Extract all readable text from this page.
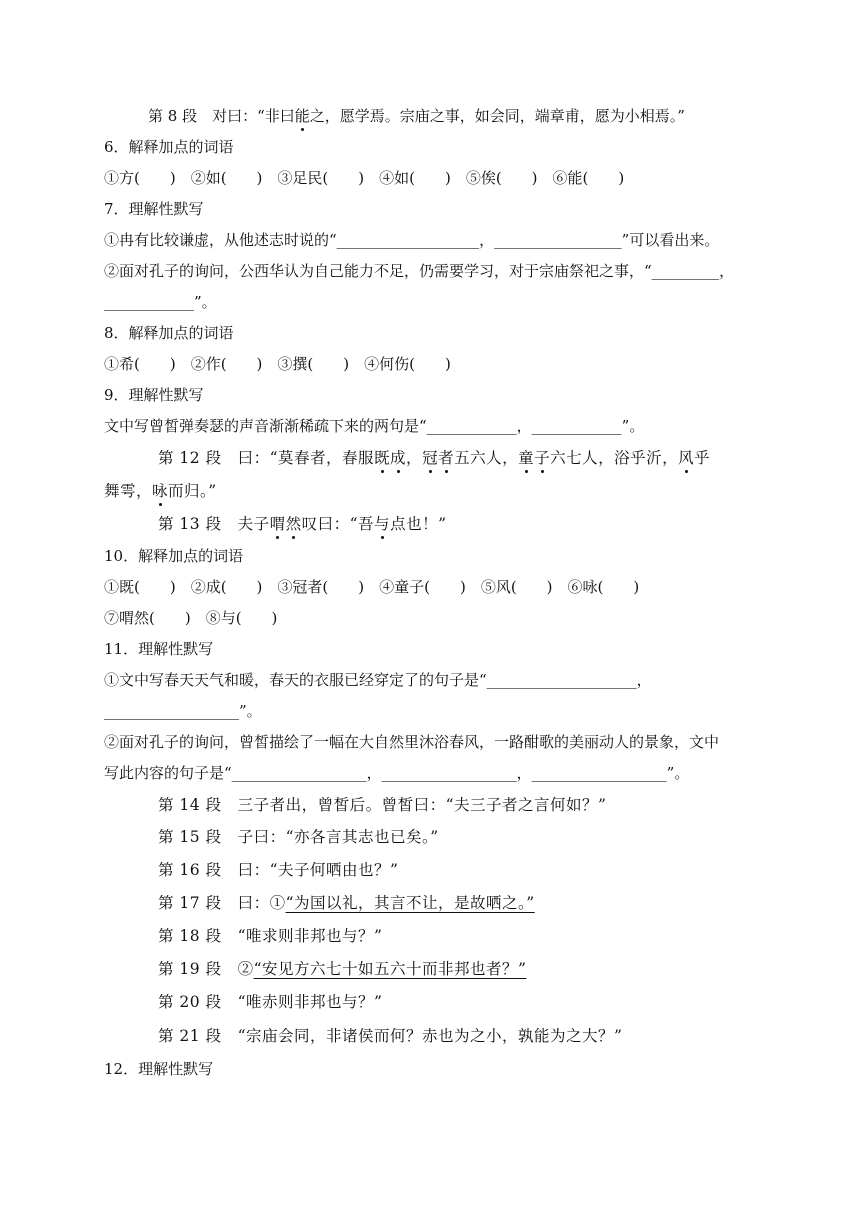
第 8 段　对曰：“非曰能之，愿学焉。宗庙之事，如会同，端章甫，愿为小相焉。”
6．解释加点的词语
①方(　　)　②如(　　)　③足民(　　)　④如(　　)　⑤俟(　　)　⑥能(　　)
7．理解性默写
①冉有比较谦虚，从他述志时说的“___________________，_________________”可以看出来。
②面对孔子的询问，公西华认为自己能力不足，仍需要学习，对于宗庙祭祀之事，“_________，
____________”。
8．解释加点的词语
①希(　　)　②作(　　)　③撰(　　)　④何伤(　　)
9．理解性默写
文中写曾皙弹奏瑟的声音渐渐稀疏下来的两句是“____________，____________”。
第 12 段　曰：“莫春者，春服既成，冠者五六人，童子六七人，浴乎沂，风乎
舞雩，咏而归。”
第 13 段　夫子喟然叹曰：“吾与点也！”
10．解释加点的词语
①既(　　)　②成(　　)　③冠者(　　)　④童子(　　)　⑤风(　　)　⑥咏(　　)
⑦喟然(　　)　⑧与(　　)
11．理解性默写
①文中写春天天气和暖，春天的衣服已经穿定了的句子是“____________________，
__________________”。
②面对孔子的询问，曾皙描绘了一幅在大自然里沐浴春风，一路酣歌的美丽动人的景象，文中
写此内容的句子是“__________________，__________________，__________________”。
第 14 段　三子者出，曾皙后。曾皙曰：“夫三子者之言何如？”
第 15 段　子曰：“亦各言其志也已矣。”
第 16 段　曰：“夫子何哂由也？”
第 17 段　曰：①“为国以礼，其言不让，是故哂之。”
第 18 段　“唯求则非邦也与？”
第 19 段　②“安见方六七十如五六十而非邦也者？”
第 20 段　“唯赤则非邦也与？”
第 21 段　“宗庙会同，非诸侯而何？赤也为之小，孰能为之大？”
12．理解性默写
